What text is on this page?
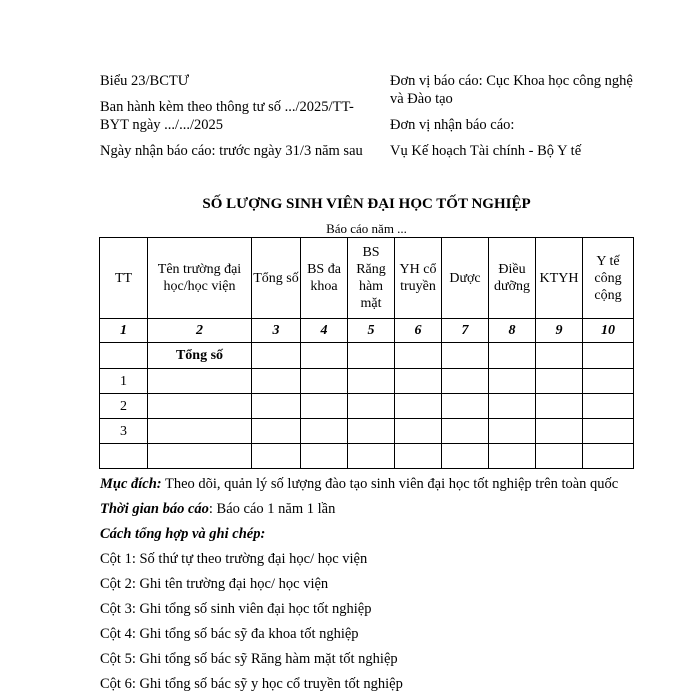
Biểu 23/BCTƯ
Ban hành kèm theo thông tư số .../2025/TT-BYT ngày .../.../2025
Ngày nhận báo cáo: trước ngày 31/3 năm sau
Đơn vị báo cáo: Cục Khoa học công nghệ và Đào tạo
Đơn vị nhận báo cáo:
Vụ Kế hoạch Tài chính - Bộ Y tế
SỐ LƯỢNG SINH VIÊN ĐẠI HỌC TỐT NGHIỆP
Báo cáo năm ...
TT	Tên trường đại học/học viện	Tổng số	BS đa khoa	BS Răng hàm mặt	YH cổ truyền	Dược	Điều dưỡng	KTYH	Y tế công cộng
1	2	3	4	5	6	7	8	9	10
	Tổng số								
1									
2									
3									

Mục đích: Theo dõi, quản lý số lượng đào tạo sinh viên đại học tốt nghiệp trên toàn quốc
Thời gian báo cáo: Báo cáo 1 năm 1 lần
Cách tổng hợp và ghi chép:
Cột 1: Số thứ tự theo trường đại học/ học viện
Cột 2: Ghi tên trường đại học/ học viện
Cột 3: Ghi tổng số sinh viên đại học tốt nghiệp
Cột 4: Ghi tổng số bác sỹ đa khoa tốt nghiệp
Cột 5: Ghi tổng số bác sỹ Răng hàm mặt tốt nghiệp
Cột 6: Ghi tổng số bác sỹ y học cổ truyền tốt nghiệp
